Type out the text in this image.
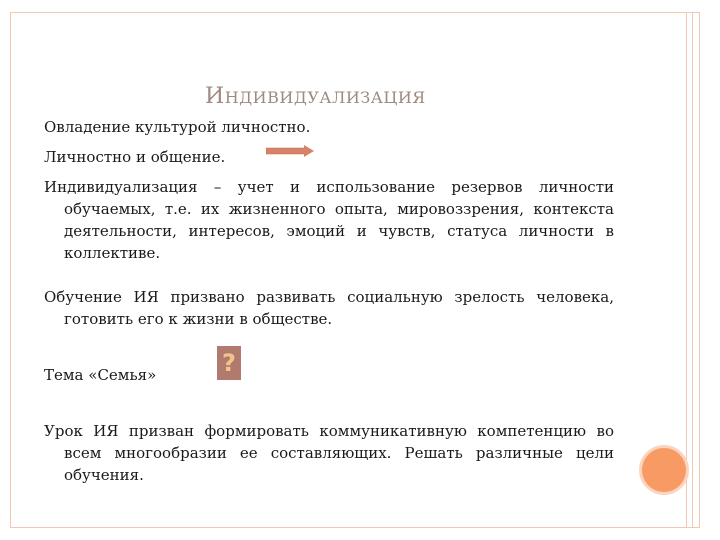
ИНДИВИДУАЛИЗАЦИЯ

Овладение культурой личностно.

Личностно и общение.

Индивидуализация – учет и использование резервов личности обучаемых, т.е. их жизненного опыта, мировоззрения, контекста деятельности, интересов, эмоций и чувств, статуса личности в коллективе.

Обучение ИЯ призвано развивать социальную зрелость человека, готовить его к жизни в обществе.

Тема «Семья»

Урок ИЯ призван формировать коммуникативную компетенцию во всем многообразии ее составляющих. Решать различные цели обучения.

?
